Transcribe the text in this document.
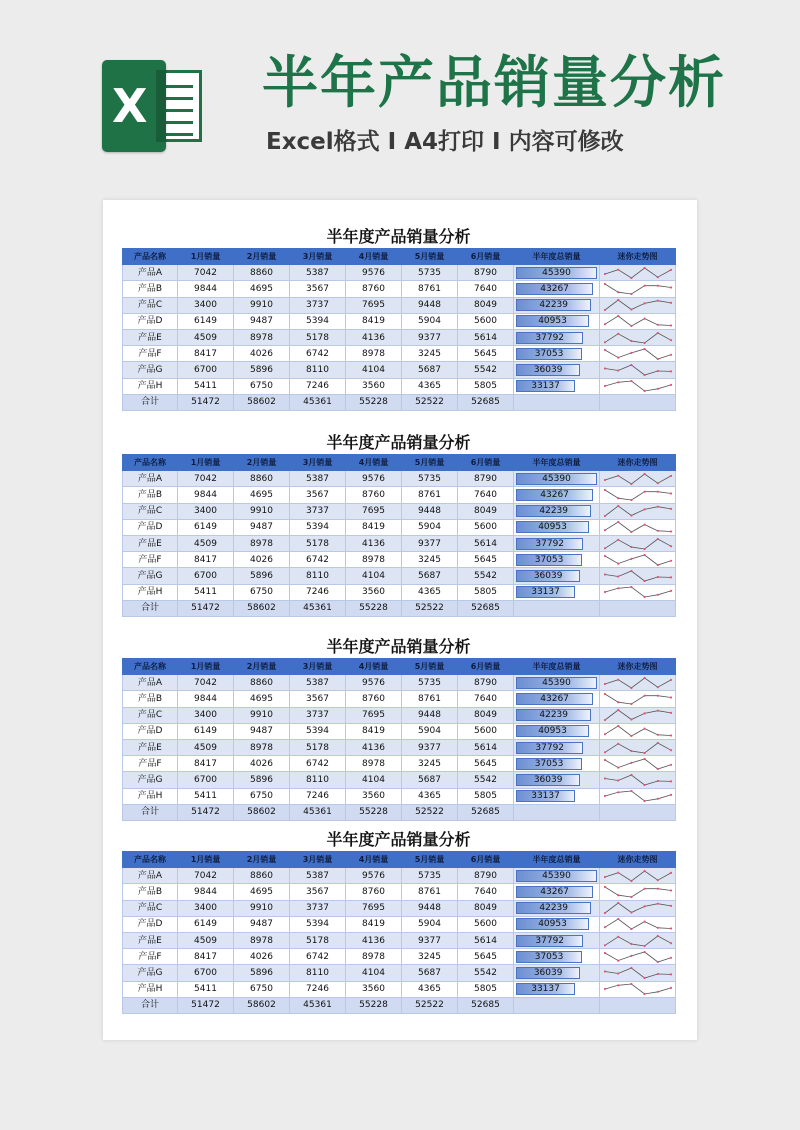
X 半年产品销量分析
Excel格式 I A4打印 I 内容可修改
半年度产品销量分析
产品名称	1月销量	2月销量	3月销量	4月销量	5月销量	6月销量	半年度总销量	迷你走势图
产品A	7042	8860	5387	9576	5735	8790	45390

产品B	9844	4695	3567	8760	8761	7640	43267

产品C	3400	9910	3737	7695	9448	8049	42239

产品D	6149	9487	5394	8419	5904	5600	40953

产品E	4509	8978	5178	4136	9377	5614	37792

产品F	8417	4026	6742	8978	3245	5645	37053

产品G	6700	5896	8110	4104	5687	5542	36039

产品H	5411	6750	7246	3560	4365	5805	33137

合计	51472	58602	45361	55228	52522	52685		
半年度产品销量分析
产品名称	1月销量	2月销量	3月销量	4月销量	5月销量	6月销量	半年度总销量	迷你走势图
产品A	7042	8860	5387	9576	5735	8790	45390

产品B	9844	4695	3567	8760	8761	7640	43267

产品C	3400	9910	3737	7695	9448	8049	42239

产品D	6149	9487	5394	8419	5904	5600	40953

产品E	4509	8978	5178	4136	9377	5614	37792

产品F	8417	4026	6742	8978	3245	5645	37053

产品G	6700	5896	8110	4104	5687	5542	36039

产品H	5411	6750	7246	3560	4365	5805	33137

合计	51472	58602	45361	55228	52522	52685		
半年度产品销量分析
产品名称	1月销量	2月销量	3月销量	4月销量	5月销量	6月销量	半年度总销量	迷你走势图
产品A	7042	8860	5387	9576	5735	8790	45390

产品B	9844	4695	3567	8760	8761	7640	43267

产品C	3400	9910	3737	7695	9448	8049	42239

产品D	6149	9487	5394	8419	5904	5600	40953

产品E	4509	8978	5178	4136	9377	5614	37792

产品F	8417	4026	6742	8978	3245	5645	37053

产品G	6700	5896	8110	4104	5687	5542	36039

产品H	5411	6750	7246	3560	4365	5805	33137

合计	51472	58602	45361	55228	52522	52685		
半年度产品销量分析
产品名称	1月销量	2月销量	3月销量	4月销量	5月销量	6月销量	半年度总销量	迷你走势图
产品A	7042	8860	5387	9576	5735	8790	45390

产品B	9844	4695	3567	8760	8761	7640	43267

产品C	3400	9910	3737	7695	9448	8049	42239

产品D	6149	9487	5394	8419	5904	5600	40953

产品E	4509	8978	5178	4136	9377	5614	37792

产品F	8417	4026	6742	8978	3245	5645	37053

产品G	6700	5896	8110	4104	5687	5542	36039

产品H	5411	6750	7246	3560	4365	5805	33137

合计	51472	58602	45361	55228	52522	52685		
